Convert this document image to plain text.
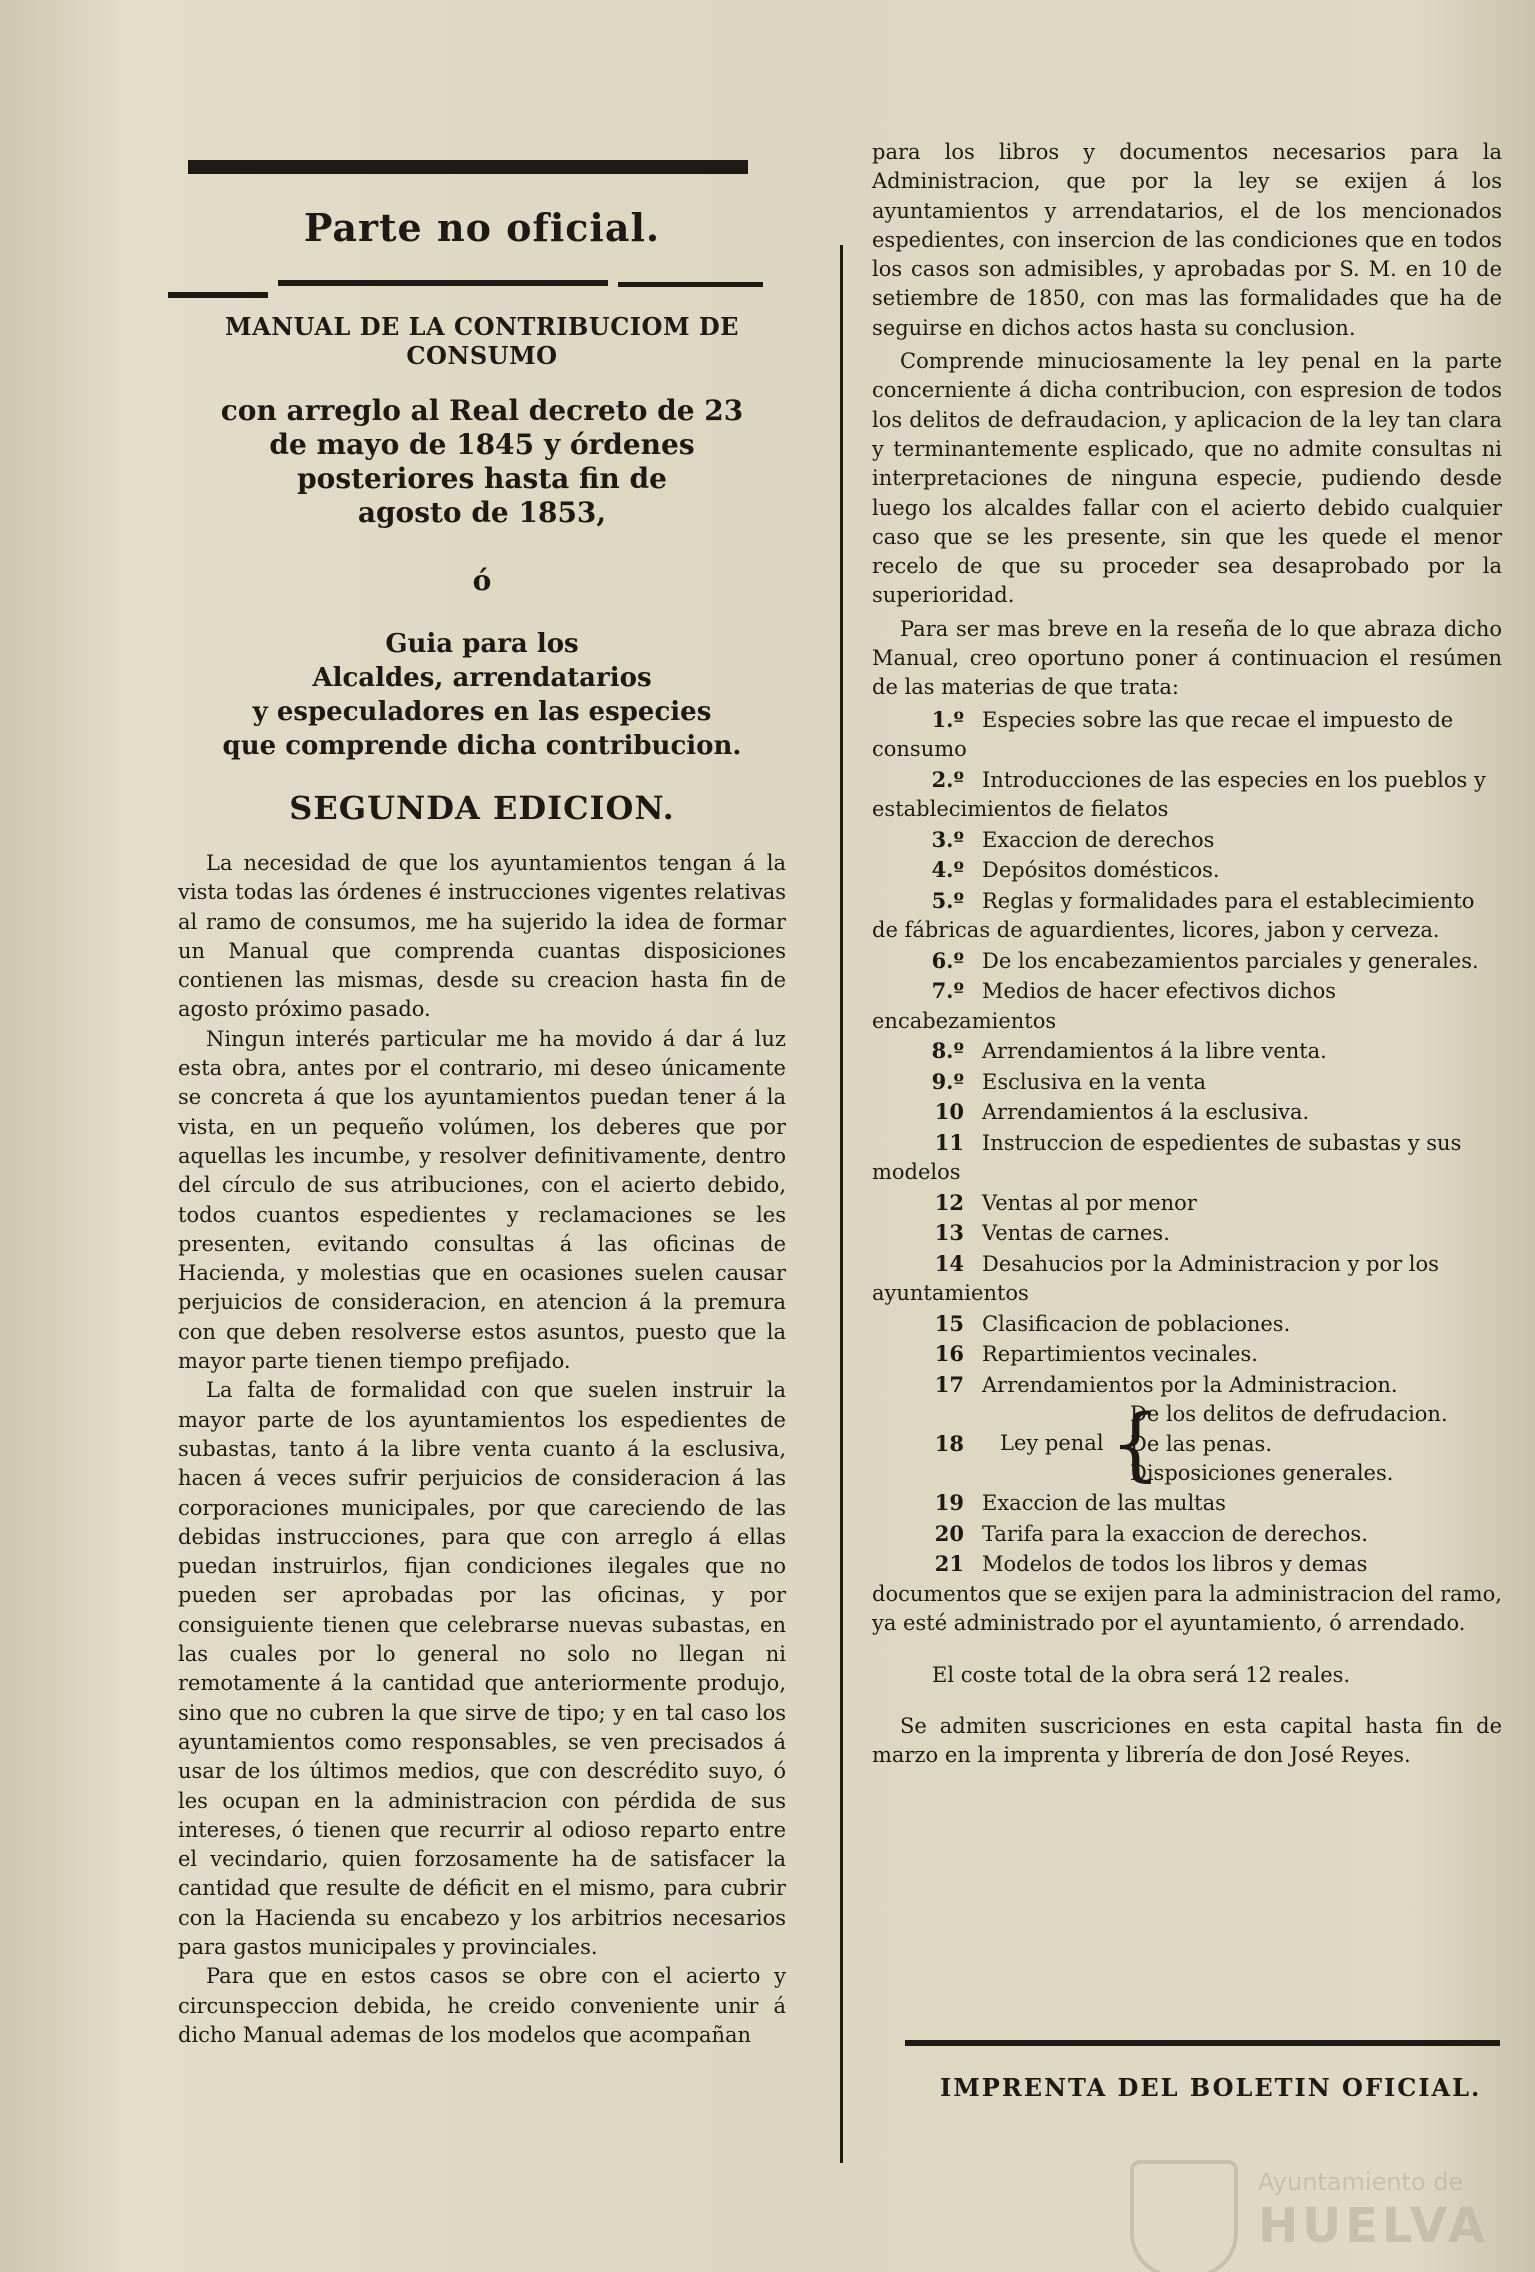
Parte no oficial.
MANUAL DE LA CONTRIBUCIOM DE CONSUMO
con arreglo al Real decreto de 23
de mayo de 1845 y órdenes
posteriores hasta fin de
agosto de 1853,
ó
Guia para los
Alcaldes, arrendatarios
y especuladores en las especies
que comprende dicha contribucion.
SEGUNDA EDICION.

La necesidad de que los ayuntamientos tengan á la vista todas las órdenes é instrucciones vigentes relativas al ramo de consumos, me ha sujerido la idea de formar un Manual que comprenda cuantas disposiciones contienen las mismas, desde su creacion hasta fin de agosto próximo pasado.

Ningun interés particular me ha movido á dar á luz esta obra, antes por el contrario, mi deseo únicamente se concreta á que los ayuntamientos puedan tener á la vista, en un pequeño volúmen, los deberes que por aquellas les incumbe, y resolver definitivamente, dentro del círculo de sus atribuciones, con el acierto debido, todos cuantos espedientes y reclamaciones se les presenten, evitando consultas á las oficinas de Hacienda, y molestias que en ocasiones suelen causar perjuicios de consideracion, en atencion á la premura con que deben resolverse estos asuntos, puesto que la mayor parte tienen tiempo prefijado.

La falta de formalidad con que suelen instruir la mayor parte de los ayuntamientos los espedientes de subastas, tanto á la libre venta cuanto á la esclusiva, hacen á veces sufrir perjuicios de consideracion á las corporaciones municipales, por que careciendo de las debidas instrucciones, para que con arreglo á ellas puedan instruirlos, fijan condiciones ilegales que no pueden ser aprobadas por las oficinas, y por consiguiente tienen que celebrarse nuevas subastas, en las cuales por lo general no solo no llegan ni remotamente á la cantidad que anteriormente produjo, sino que no cubren la que sirve de tipo; y en tal caso los ayuntamientos como responsables, se ven precisados á usar de los últimos medios, que con descrédito suyo, ó les ocupan en la administracion con pérdida de sus intereses, ó tienen que recurrir al odioso reparto entre el vecindario, quien forzosamente ha de satisfacer la cantidad que resulte de déficit en el mismo, para cubrir con la Hacienda su encabezo y los arbitrios necesarios para gastos municipales y provinciales.

Para que en estos casos se obre con el acierto y circunspeccion debida, he creido conveniente unir á dicho Manual ademas de los modelos que acompañan

para los libros y documentos necesarios para la Administracion, que por la ley se exijen á los ayuntamientos y arrendatarios, el de los mencionados espedientes, con insercion de las condiciones que en todos los casos son admisibles, y aprobadas por S. M. en 10 de setiembre de 1850, con mas las formalidades que ha de seguirse en dichos actos hasta su conclusion.

Comprende minuciosamente la ley penal en la parte concerniente á dicha contribucion, con espresion de todos los delitos de defraudacion, y aplicacion de la ley tan clara y terminantemente esplicado, que no admite consultas ni interpretaciones de ninguna especie, pudiendo desde luego los alcaldes fallar con el acierto debido cualquier caso que se les presente, sin que les quede el menor recelo de que su proceder sea desaprobado por la superioridad.

Para ser mas breve en la reseña de lo que abraza dicho Manual, creo oportuno poner á continuacion el resúmen de las materias de que trata:

1.º Especies sobre las que recae el impuesto de consumo
2.º Introducciones de las especies en los pueblos y establecimientos de fielatos
3.º Exaccion de derechos
4.º Depósitos domésticos.
5.º Reglas y formalidades para el establecimiento de fábricas de aguardientes, licores, jabon y cerveza.
6.º De los encabezamientos parciales y generales.
7.º Medios de hacer efectivos dichos encabezamientos
8.º Arrendamientos á la libre venta.
9.º Esclusiva en la venta
10 Arrendamientos á la esclusiva.
11 Instruccion de espedientes de subastas y sus modelos
12 Ventas al por menor
13 Ventas de carnes.
14 Desahucios por la Administracion y por los ayuntamientos
15 Clasificacion de poblaciones.
16 Repartimientos vecinales.
17 Arrendamientos por la Administracion.
18 Ley penal {
De los delitos de defrudacion.
De las penas.
Disposiciones generales.
19 Exaccion de las multas
20 Tarifa para la exaccion de derechos.
21 Modelos de todos los libros y demas documentos que se exijen para la administracion del ramo, ya esté administrado por el ayuntamiento, ó arrendado.

El coste total de la obra será 12 reales.

Se admiten suscriciones en esta capital hasta fin de marzo en la imprenta y librería de don José Reyes.

IMPRENTA DEL BOLETIN OFICIAL.
Ayuntamiento de
HUELVA
